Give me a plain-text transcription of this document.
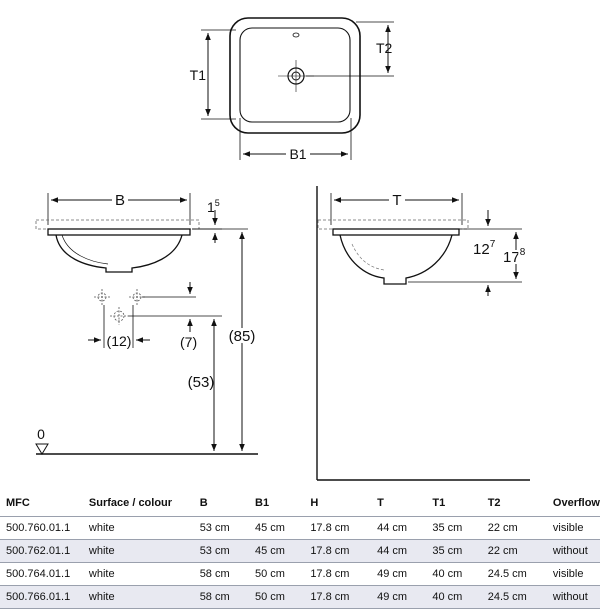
T1
T2
B1
B	$1^5$
(12)	(7)
(53)
(85)
0
T
$12^7$
$17^8$
MFC	Surface / colour	B	B1	H	T	T1	T2	Overflow
500.760.01.1	white	53 cm	45 cm	17.8 cm	44 cm	35 cm	22 cm	visible
500.762.01.1	white	53 cm	45 cm	17.8 cm	44 cm	35 cm	22 cm	without
500.764.01.1	white	58 cm	50 cm	17.8 cm	49 cm	40 cm	24.5 cm	visible
500.766.01.1	white	58 cm	50 cm	17.8 cm	49 cm	40 cm	24.5 cm	without
